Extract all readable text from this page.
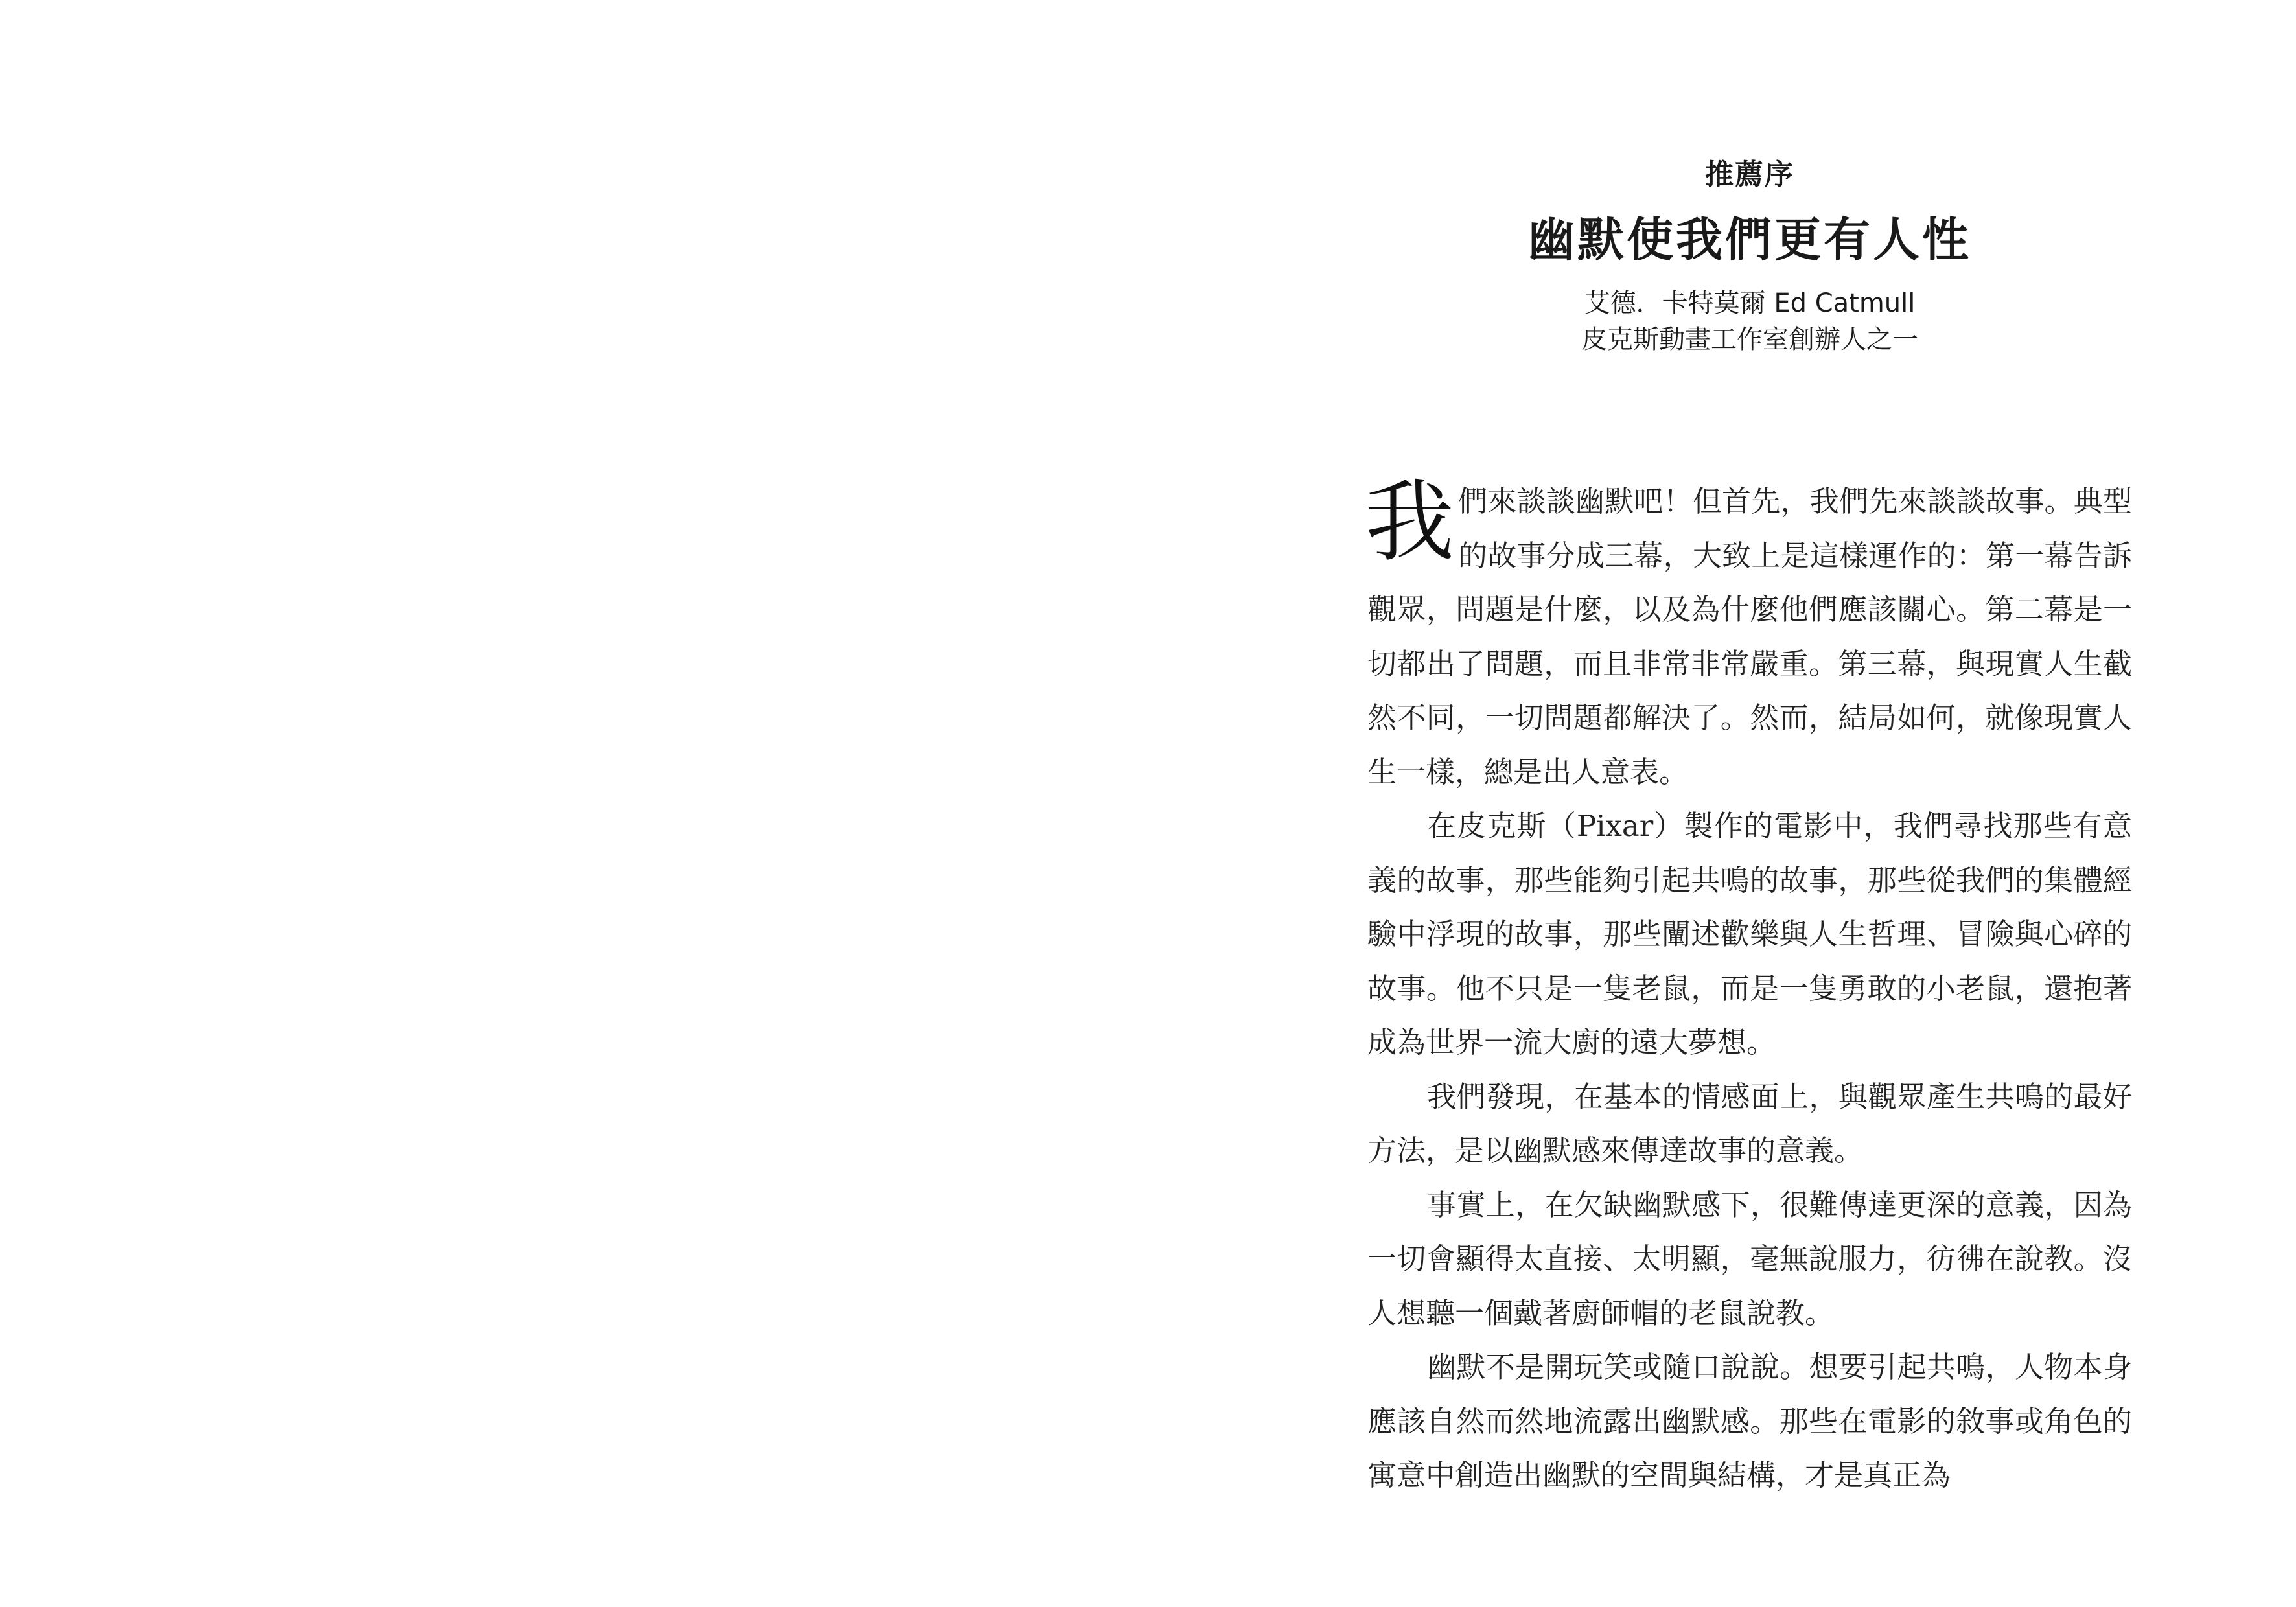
推薦序
幽默使我們更有人性
艾德．卡特莫爾 Ed Catmull
皮克斯動畫工作室創辦人之一

我們來談談幽默吧！但首先，我們先來談談故事。典型的故事分成三幕，大致上是這樣運作的：第一幕告訴觀眾，問題是什麼，以及為什麼他們應該關心。第二幕是一切都出了問題，而且非常非常嚴重。第三幕，與現實人生截然不同，一切問題都解決了。然而，結局如何，就像現實人生一樣，總是出人意表。

在皮克斯（Pixar）製作的電影中，我們尋找那些有意義的故事，那些能夠引起共鳴的故事，那些從我們的集體經驗中浮現的故事，那些闡述歡樂與人生哲理、冒險與心碎的故事。他不只是一隻老鼠，而是一隻勇敢的小老鼠，還抱著成為世界一流大廚的遠大夢想。

我們發現，在基本的情感面上，與觀眾產生共鳴的最好方法，是以幽默感來傳達故事的意義。

事實上，在欠缺幽默感下，很難傳達更深的意義，因為一切會顯得太直接、太明顯，毫無說服力，彷彿在說教。沒人想聽一個戴著廚師帽的老鼠說教。

幽默不是開玩笑或隨口說說。想要引起共鳴，人物本身應該自然而然地流露出幽默感。那些在電影的敘事或角色的寓意中創造出幽默的空間與結構，才是真正為
